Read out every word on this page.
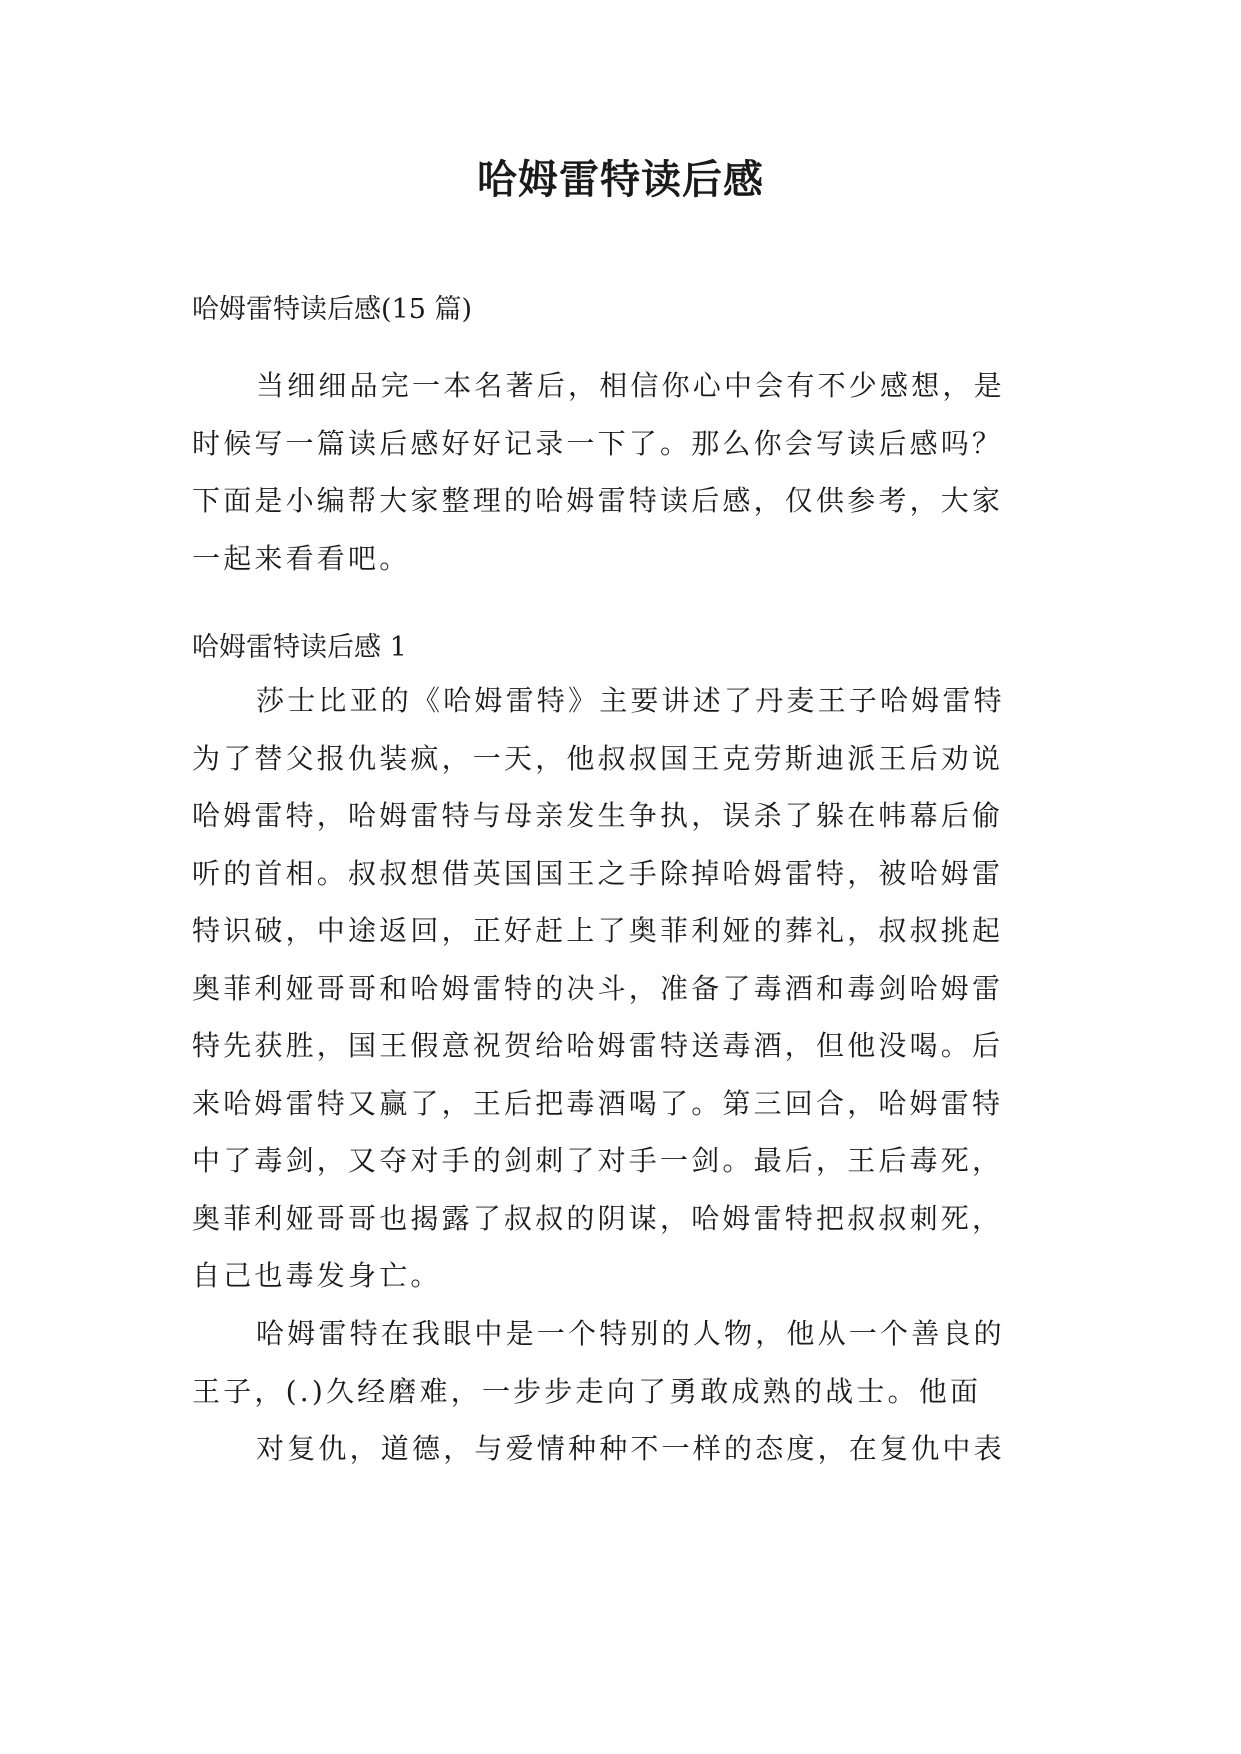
哈姆雷特读后感

哈姆雷特读后感(15 篇)

当细细品完一本名著后，相信你心中会有不少感想，是
时候写一篇读后感好好记录一下了。那么你会写读后感吗？
下面是小编帮大家整理的哈姆雷特读后感，仅供参考，大家
一起来看看吧。

哈姆雷特读后感 1

莎士比亚的《哈姆雷特》主要讲述了丹麦王子哈姆雷特
为了替父报仇装疯，一天，他叔叔国王克劳斯迪派王后劝说
哈姆雷特，哈姆雷特与母亲发生争执，误杀了躲在帏幕后偷
听的首相。叔叔想借英国国王之手除掉哈姆雷特，被哈姆雷
特识破，中途返回，正好赶上了奥菲利娅的葬礼，叔叔挑起
奥菲利娅哥哥和哈姆雷特的决斗，准备了毒酒和毒剑哈姆雷
特先获胜，国王假意祝贺给哈姆雷特送毒酒，但他没喝。后
来哈姆雷特又赢了，王后把毒酒喝了。第三回合，哈姆雷特
中了毒剑，又夺对手的剑刺了对手一剑。最后，王后毒死，
奥菲利娅哥哥也揭露了叔叔的阴谋，哈姆雷特把叔叔刺死，
自己也毒发身亡。
哈姆雷特在我眼中是一个特别的人物，他从一个善良的
王子，(.)久经磨难，一步步走向了勇敢成熟的战士。他面
对复仇，道德，与爱情种种不一样的态度，在复仇中表
